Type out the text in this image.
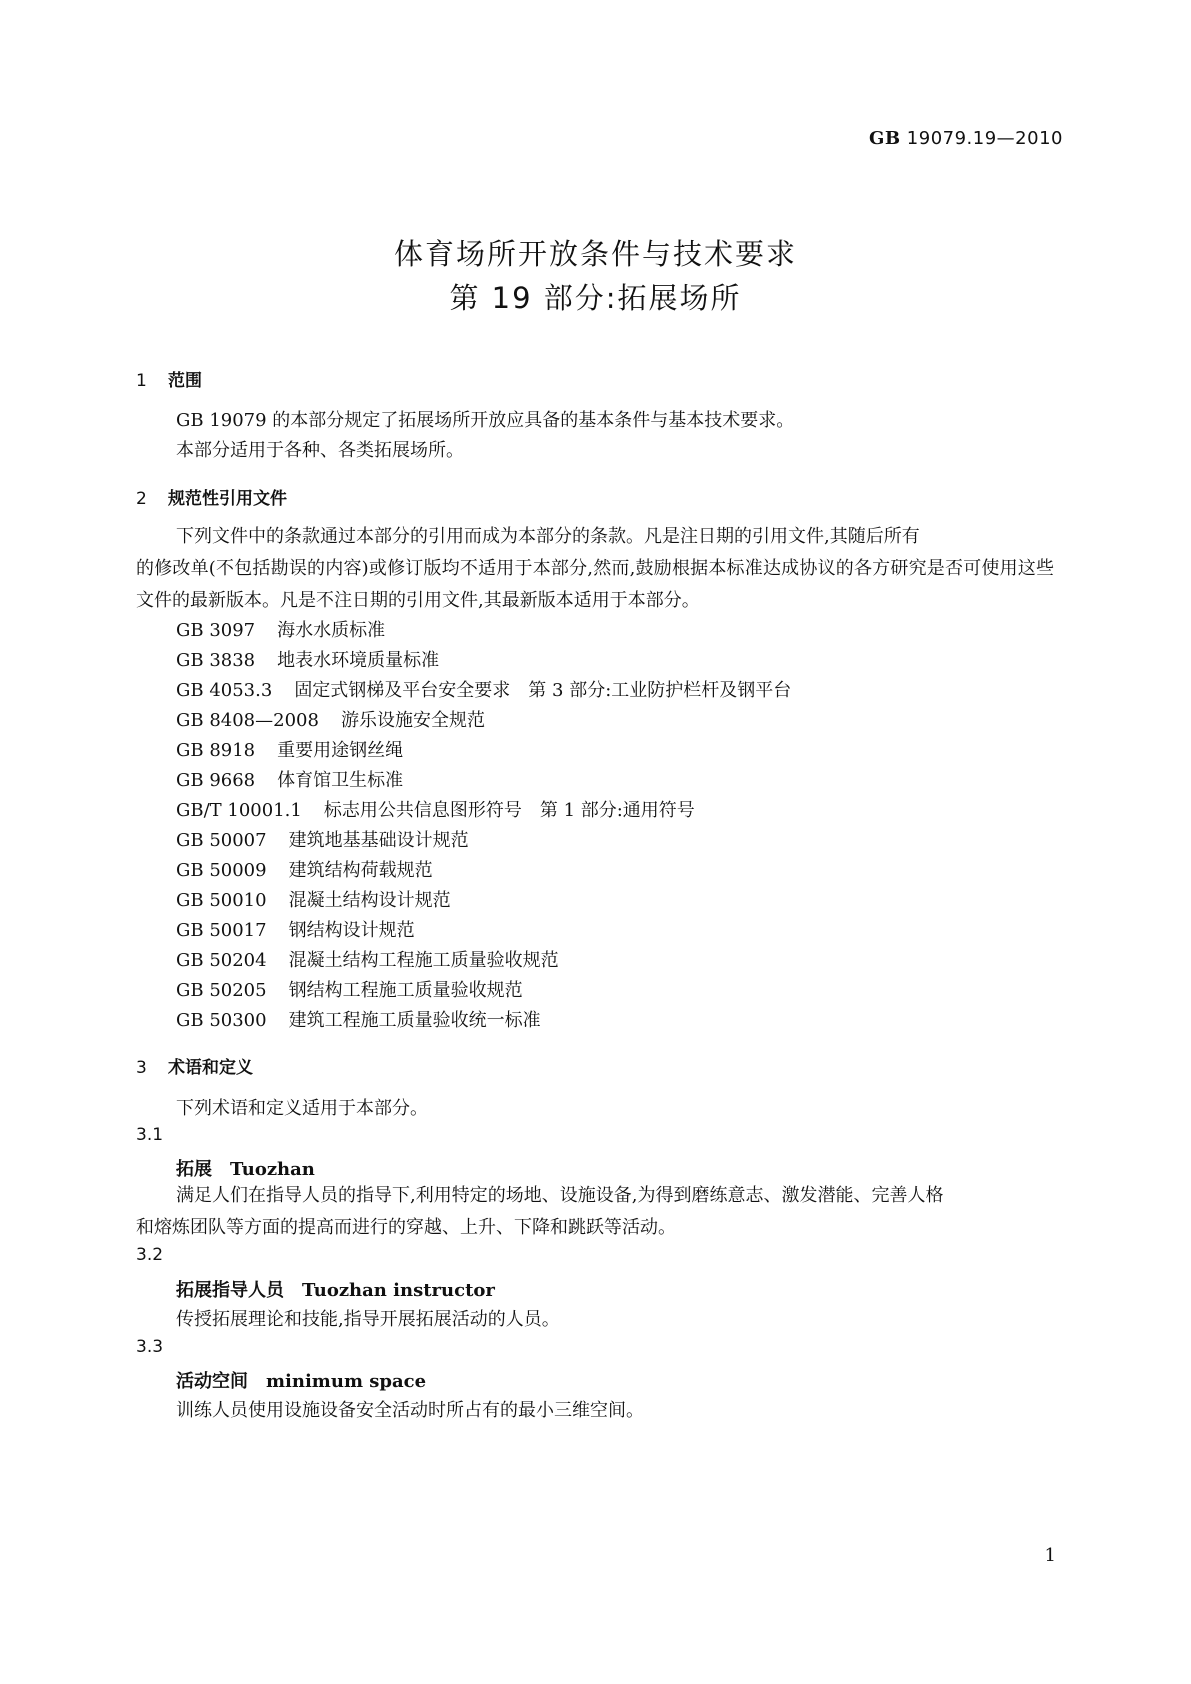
GB 19079.19—2010
体育场所开放条件与技术要求
第 19 部分:拓展场所
1 范围
GB 19079 的本部分规定了拓展场所开放应具备的基本条件与基本技术要求。
本部分适用于各种、各类拓展场所。
2 规范性引用文件
下列文件中的条款通过本部分的引用而成为本部分的条款。凡是注日期的引用文件,其随后所有
的修改单(不包括勘误的内容)或修订版均不适用于本部分,然而,鼓励根据本标准达成协议的各方研究是否可使用这些文件的最新版本。凡是不注日期的引用文件,其最新版本适用于本部分。
GB 3097 海水水质标准
GB 3838 地表水环境质量标准
GB 4053.3 固定式钢梯及平台安全要求　第 3 部分:工业防护栏杆及钢平台
GB 8408—2008 游乐设施安全规范
GB 8918 重要用途钢丝绳
GB 9668 体育馆卫生标准
GB/T 10001.1 标志用公共信息图形符号　第 1 部分:通用符号
GB 50007 建筑地基基础设计规范
GB 50009 建筑结构荷载规范
GB 50010 混凝土结构设计规范
GB 50017 钢结构设计规范
GB 50204 混凝土结构工程施工质量验收规范
GB 50205 钢结构工程施工质量验收规范
GB 50300 建筑工程施工质量验收统一标准
3 术语和定义
下列术语和定义适用于本部分。
3.1
拓展 Tuozhan
满足人们在指导人员的指导下,利用特定的场地、设施设备,为得到磨练意志、激发潜能、完善人格
和熔炼团队等方面的提高而进行的穿越、上升、下降和跳跃等活动。
3.2
拓展指导人员 Tuozhan instructor
传授拓展理论和技能,指导开展拓展活动的人员。
3.3
活动空间 minimum space
训练人员使用设施设备安全活动时所占有的最小三维空间。
1
